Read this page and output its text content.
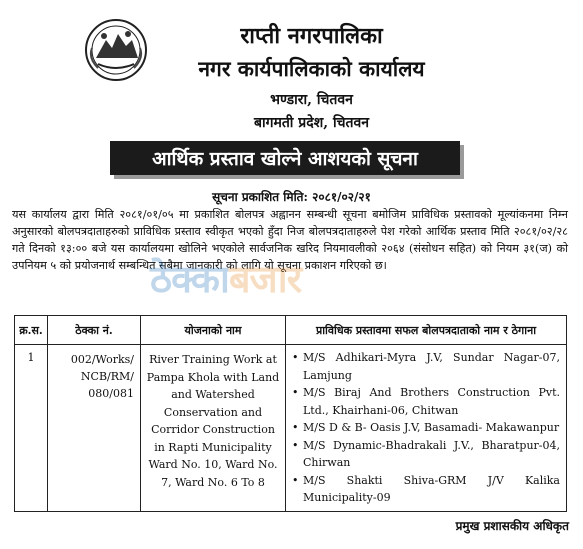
राप्ती नगरपालिका
नगर कार्यपालिकाको कार्यालय
भण्डारा, चितवन
बागमती प्रदेश, चितवन
आर्थिक प्रस्ताव खोल्ने आशयको सूचना
सूचना प्रकाशित मिति: २०८१/०२/२१
यस कार्यालय द्वारा मिति २०८१/०१/०५ मा प्रकाशित बोलपत्र अह्वानन सम्बन्धी सूचना बमोजिम प्राविधिक प्रस्तावको मूल्यांकनमा निम्न अनुसारको बोलपत्रदाताहरुको प्राविधिक प्रस्ताव स्वीकृत भएको हुँदा निज बोलपत्रदाताहरुले पेश गरेको आर्थिक प्रस्ताव मिति २०८१/०२/२८ गते दिनको १३:०० बजे यस कार्यालयमा खोलिने भएकोले सार्वजनिक खरिद नियमावलीको २०६४ (संसोधन सहित) को नियम ३१(ज) को उपनियम ५ को प्रयोजनार्थ सम्बन्धित सबैमा जानकारी को लागि यो सूचना प्रकाशन गरिएको छ।
ठेक्काबजार
क्र.स.	ठेक्का नं.	योजनाको नाम	प्राविधिक प्रस्तावमा सफल बोलपत्रदाताको नाम र ठेगाना
1	002/Works/ NCB/RM/ 080/081	River Training Work at Pampa Khola with Land and Watershed Conservation and Corridor Construction in Rapti Municipality Ward No. 10, Ward No. 7, Ward No. 6 To 8	• M/S Adhikari-Myra J.V, Sundar Nagar-07, Lamjung
• M/S Biraj And Brothers Construction Pvt. Ltd., Khairhani-06, Chitwan
• M/S D & B- Oasis J.V, Basamadi- Makawanpur
• M/S Dynamic-Bhadrakali J.V., Bharatpur-04, Chirwan
• M/S Shakti Shiva-GRM J/V Kalika Municipality-09
प्रमुख प्रशासकीय अधिकृत
